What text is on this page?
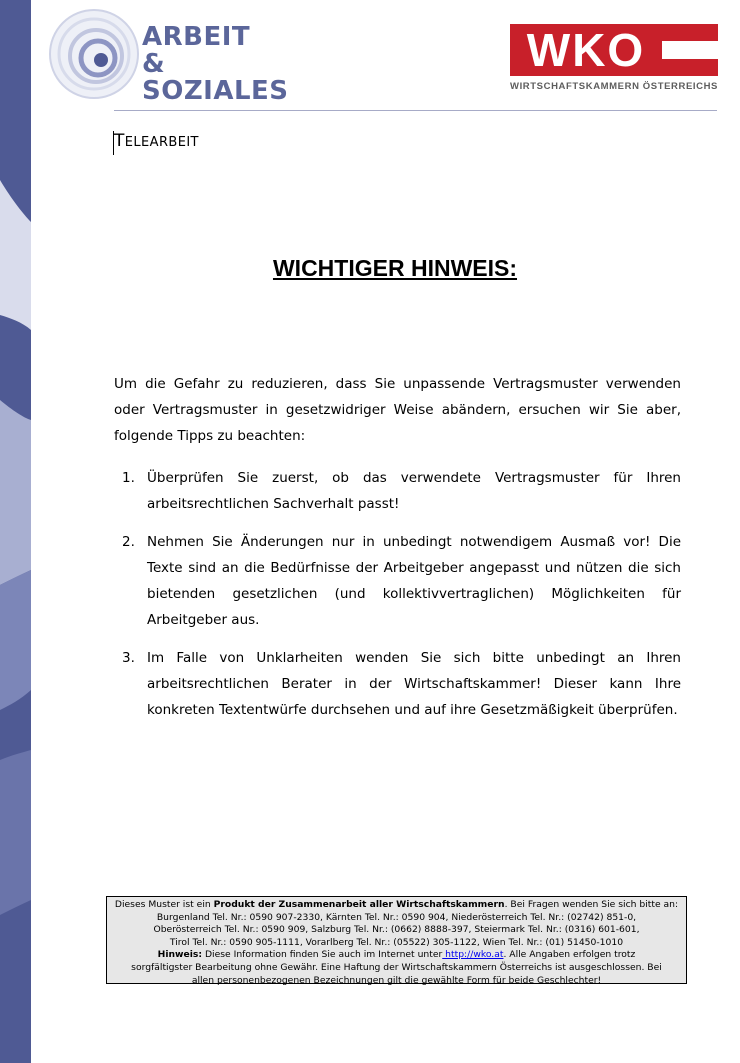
ARBEIT
& SOZIALES
WKO
WIRTSCHAFTSKAMMERN ÖSTERREICHS
TELEARBEIT
WICHTIGER HINWEIS:

Um die Gefahr zu reduzieren, dass Sie unpassende Vertragsmuster verwenden oder Vertragsmuster in gesetzwidriger Weise abändern, ersuchen wir Sie aber, folgende Tipps zu beachten:

1. Überprüfen Sie zuerst, ob das verwendete Vertragsmuster für Ihren arbeitsrechtlichen Sachverhalt passt!
2. Nehmen Sie Änderungen nur in unbedingt notwendigem Ausmaß vor! Die Texte sind an die Bedürfnisse der Arbeitgeber angepasst und nützen die sich bietenden gesetzlichen (und kollektivvertraglichen) Möglichkeiten für Arbeitgeber aus.
3. Im Falle von Unklarheiten wenden Sie sich bitte unbedingt an Ihren arbeitsrechtlichen Berater in der Wirtschaftskammer! Dieser kann Ihre konkreten Textentwürfe durchsehen und auf ihre Gesetzmäßigkeit überprüfen.
Dieses Muster ist ein Produkt der Zusammenarbeit aller Wirtschaftskammern. Bei Fragen wenden Sie sich bitte an:
Burgenland Tel. Nr.: 0590 907-2330, Kärnten Tel. Nr.: 0590 904, Niederösterreich Tel. Nr.: (02742) 851-0,
Oberösterreich Tel. Nr.: 0590 909, Salzburg Tel. Nr.: (0662) 8888-397, Steiermark Tel. Nr.: (0316) 601-601,
Tirol Tel. Nr.: 0590 905-1111, Vorarlberg Tel. Nr.: (05522) 305-1122, Wien Tel. Nr.: (01) 51450-1010
Hinweis: Diese Information finden Sie auch im Internet unter http://wko.at. Alle Angaben erfolgen trotz
sorgfältigster Bearbeitung ohne Gewähr. Eine Haftung der Wirtschaftskammern Österreichs ist ausgeschlossen. Bei
allen personenbezogenen Bezeichnungen gilt die gewählte Form für beide Geschlechter!
